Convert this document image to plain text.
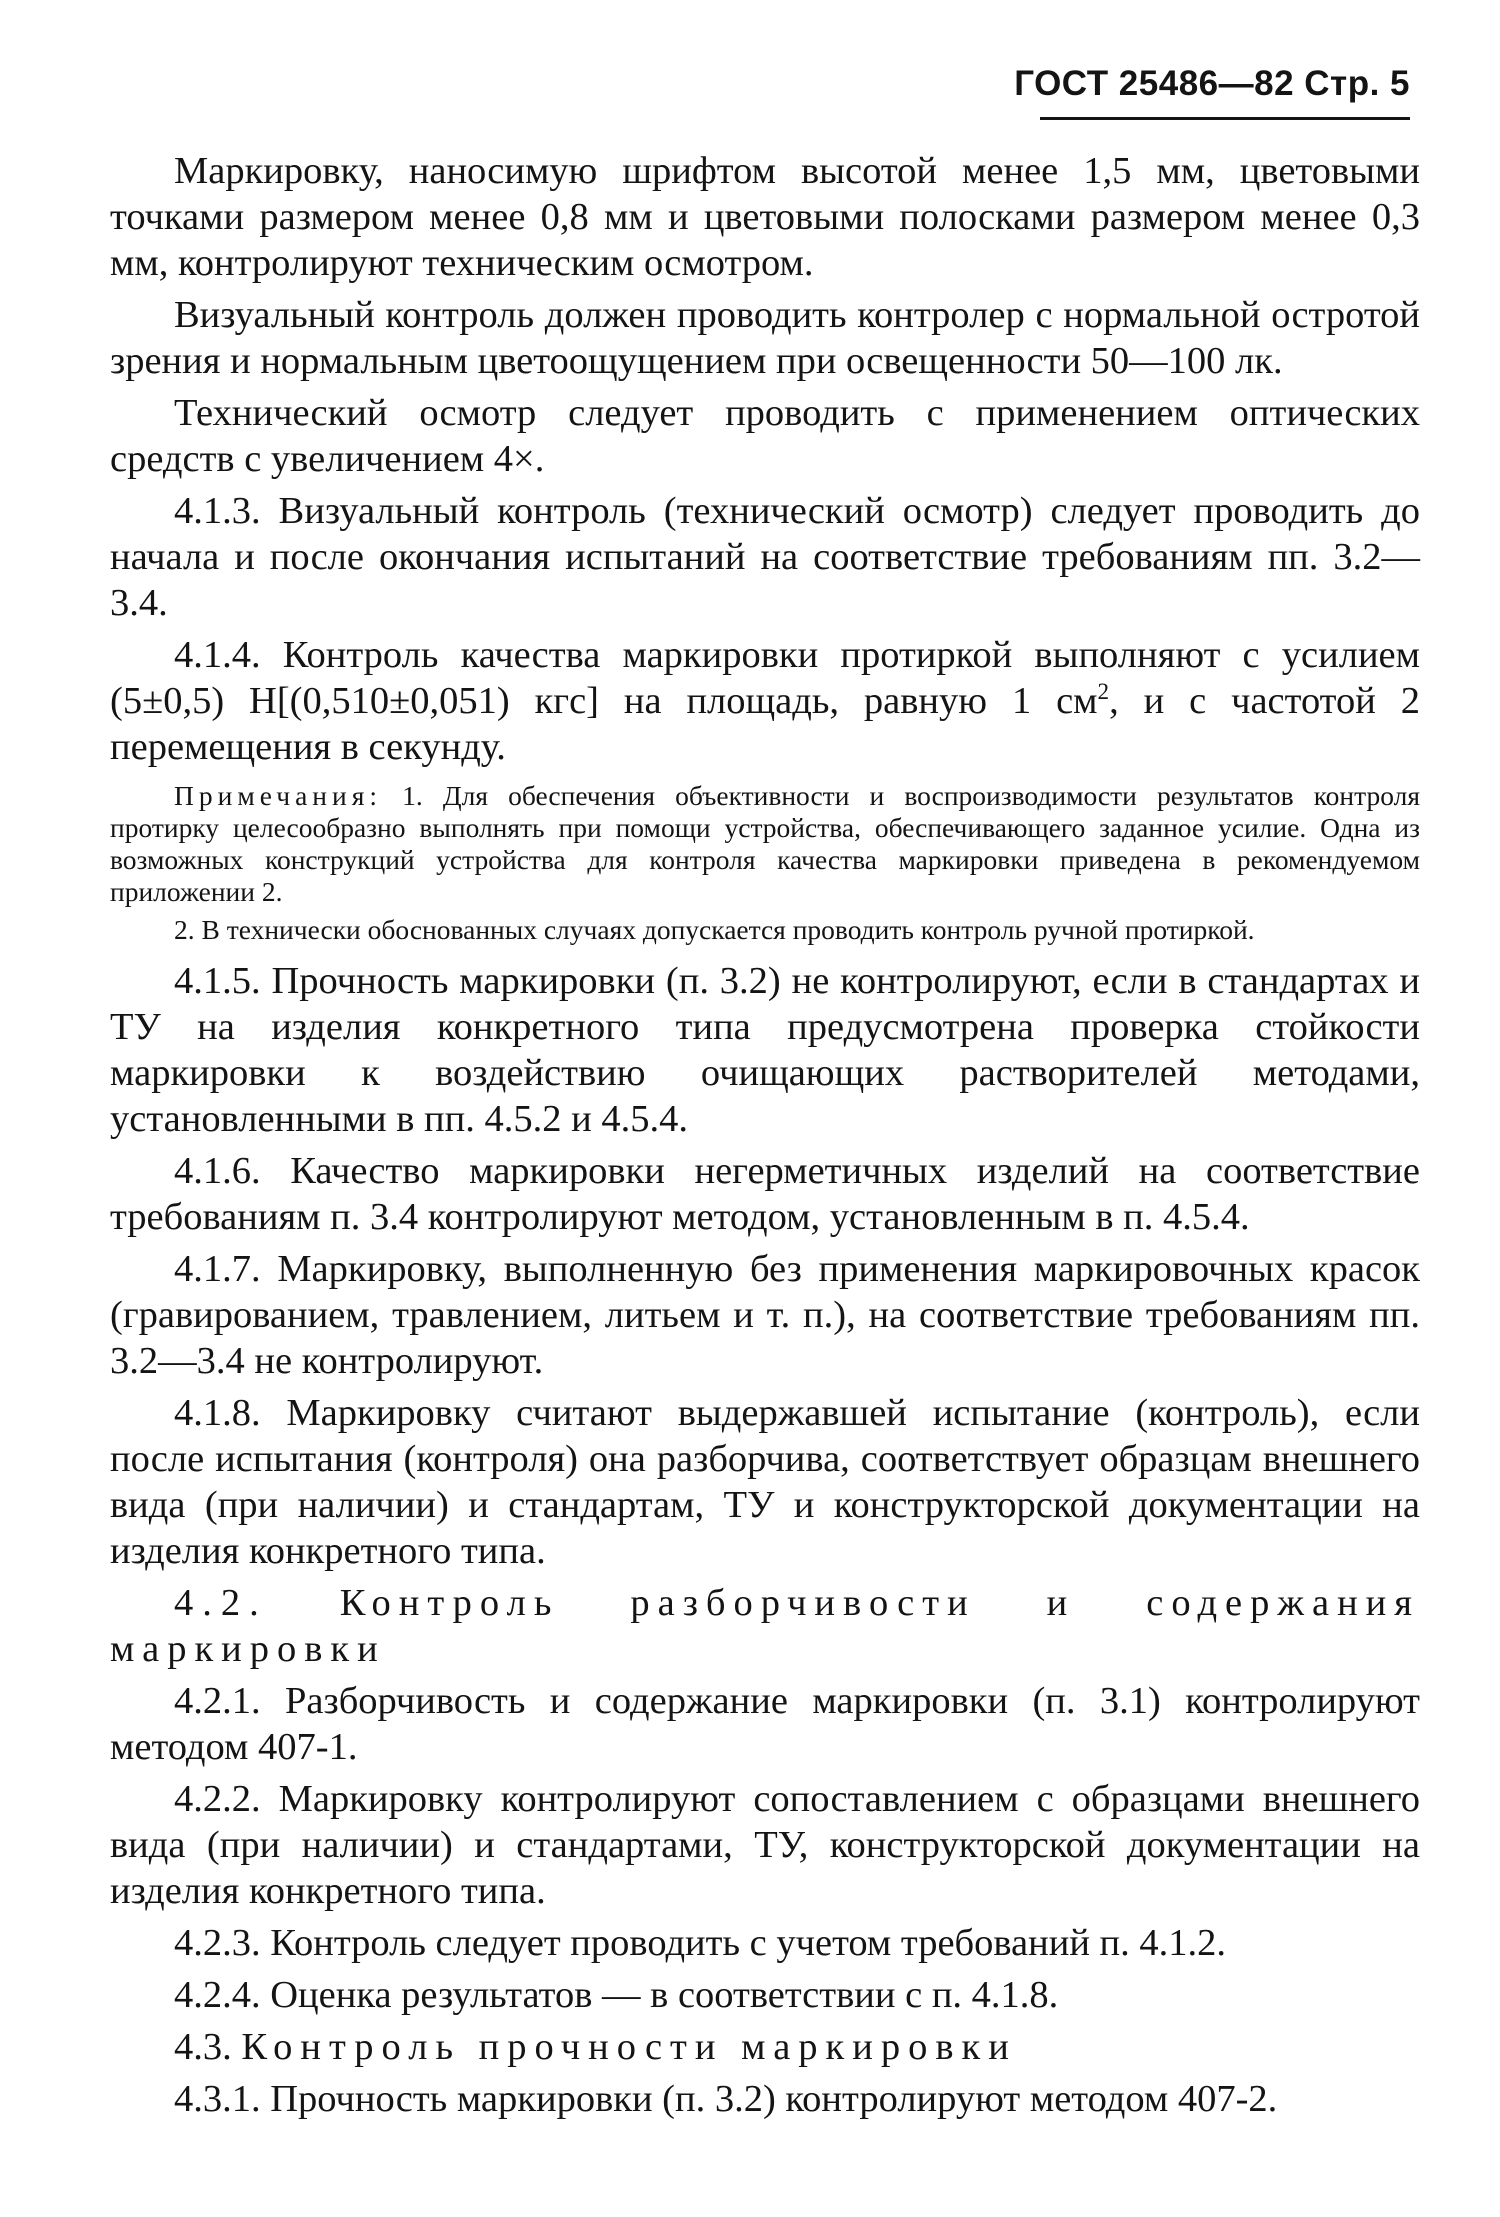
ГОСТ 25486—82 Стр. 5

Маркировку, наносимую шрифтом высотой менее 1,5 мм, цветовыми точками размером менее 0,8 мм и цветовыми полосками размером менее 0,3 мм, контролируют техническим осмотром.

Визуальный контроль должен проводить контролер с нормальной остротой зрения и нормальным цветоощущением при освещенности 50—100 лк.

Технический осмотр следует проводить с применением оптических средств с увеличением 4×.

4.1.3. Визуальный контроль (технический осмотр) следует проводить до начала и после окончания испытаний на соответствие требованиям пп. 3.2—3.4.

4.1.4. Контроль качества маркировки протиркой выполняют с усилием (5±0,5) Н[(0,510±0,051) кгс] на площадь, равную 1 $см^2$, и с частотой 2 перемещения в секунду.

Примечания: 1. Для обеспечения объективности и воспроизводимости результатов контроля протирку целесообразно выполнять при помощи устройства, обеспечивающего заданное усилие. Одна из возможных конструкций устройства для контроля качества маркировки приведена в рекомендуемом приложении 2.

2. В технически обоснованных случаях допускается проводить контроль ручной протиркой.

4.1.5. Прочность маркировки (п. 3.2) не контролируют, если в стандартах и ТУ на изделия конкретного типа предусмотрена проверка стойкости маркировки к воздействию очищающих растворителей методами, установленными в пп. 4.5.2 и 4.5.4.

4.1.6. Качество маркировки негерметичных изделий на соответствие требованиям п. 3.4 контролируют методом, установленным в п. 4.5.4.

4.1.7. Маркировку, выполненную без применения маркировочных красок (гравированием, травлением, литьем и т. п.), на соответствие требованиям пп. 3.2—3.4 не контролируют.

4.1.8. Маркировку считают выдержавшей испытание (контроль), если после испытания (контроля) она разборчива, соответствует образцам внешнего вида (при наличии) и стандартам, ТУ и конструкторской документации на изделия конкретного типа.

4.2. Контроль разборчивости и содержания маркировки

4.2.1. Разборчивость и содержание маркировки (п. 3.1) контролируют методом 407-1.

4.2.2. Маркировку контролируют сопоставлением с образцами внешнего вида (при наличии) и стандартами, ТУ, конструкторской документации на изделия конкретного типа.

4.2.3. Контроль следует проводить с учетом требований п. 4.1.2.

4.2.4. Оценка результатов — в соответствии с п. 4.1.8.

4.3. Контроль прочности маркировки

4.3.1. Прочность маркировки (п. 3.2) контролируют методом 407-2.
